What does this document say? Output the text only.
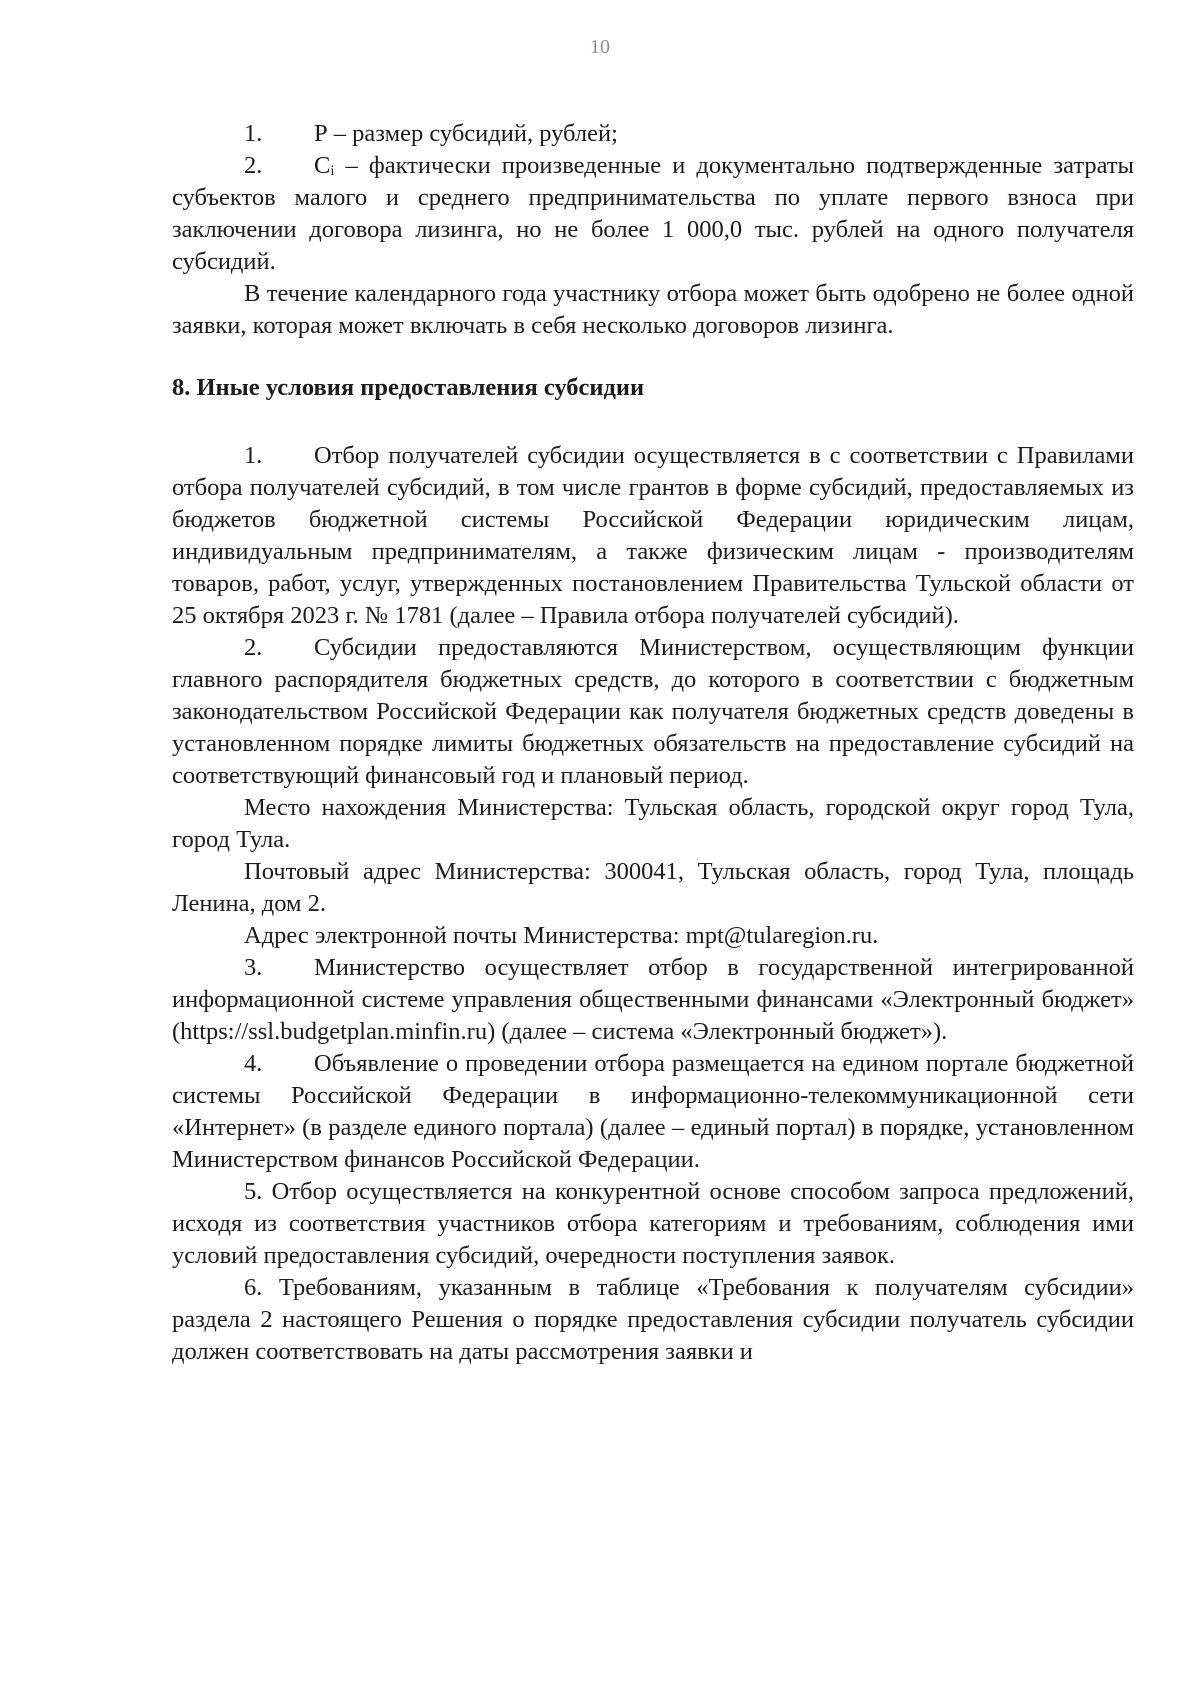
10

1. Р – размер субсидий, рублей;

2. Сᵢ – фактически произведенные и документально подтвержденные затраты субъектов малого и среднего предпринимательства по уплате первого взноса при заключении договора лизинга, но не более 1 000,0 тыс. рублей на одного получателя субсидий.

В течение календарного года участнику отбора может быть одобрено не более одной заявки, которая может включать в себя несколько договоров лизинга.

8. Иные условия предоставления субсидии

1. Отбор получателей субсидии осуществляется в с соответствии с Правилами отбора получателей субсидий, в том числе грантов в форме субсидий, предоставляемых из бюджетов бюджетной системы Российской Федерации юридическим лицам, индивидуальным предпринимателям, а также физическим лицам - производителям товаров, работ, услуг, утвержденных постановлением Правительства Тульской области от 25 октября 2023 г. № 1781 (далее – Правила отбора получателей субсидий).

2. Субсидии предоставляются Министерством, осуществляющим функции главного распорядителя бюджетных средств, до которого в соответствии с бюджетным законодательством Российской Федерации как получателя бюджетных средств доведены в установленном порядке лимиты бюджетных обязательств на предоставление субсидий на соответствующий финансовый год и плановый период.

Место нахождения Министерства: Тульская область, городской округ город Тула, город Тула.

Почтовый адрес Министерства: 300041, Тульская область, город Тула, площадь Ленина, дом 2.

Адрес электронной почты Министерства: mpt@tularegion.ru.

3. Министерство осуществляет отбор в государственной интегрированной информационной системе управления общественными финансами «Электронный бюджет» (https://ssl.budgetplan.minfin.ru) (далее – система «Электронный бюджет»).

4. Объявление о проведении отбора размещается на едином портале бюджетной системы Российской Федерации в информационно-телекоммуникационной сети «Интернет» (в разделе единого портала) (далее – единый портал) в порядке, установленном Министерством финансов Российской Федерации.

5. Отбор осуществляется на конкурентной основе способом запроса предложений, исходя из соответствия участников отбора категориям и требованиям, соблюдения ими условий предоставления субсидий, очередности поступления заявок.

6. Требованиям, указанным в таблице «Требования к получателям субсидии» раздела 2 настоящего Решения о порядке предоставления субсидии получатель субсидии должен соответствовать на даты рассмотрения заявки и
